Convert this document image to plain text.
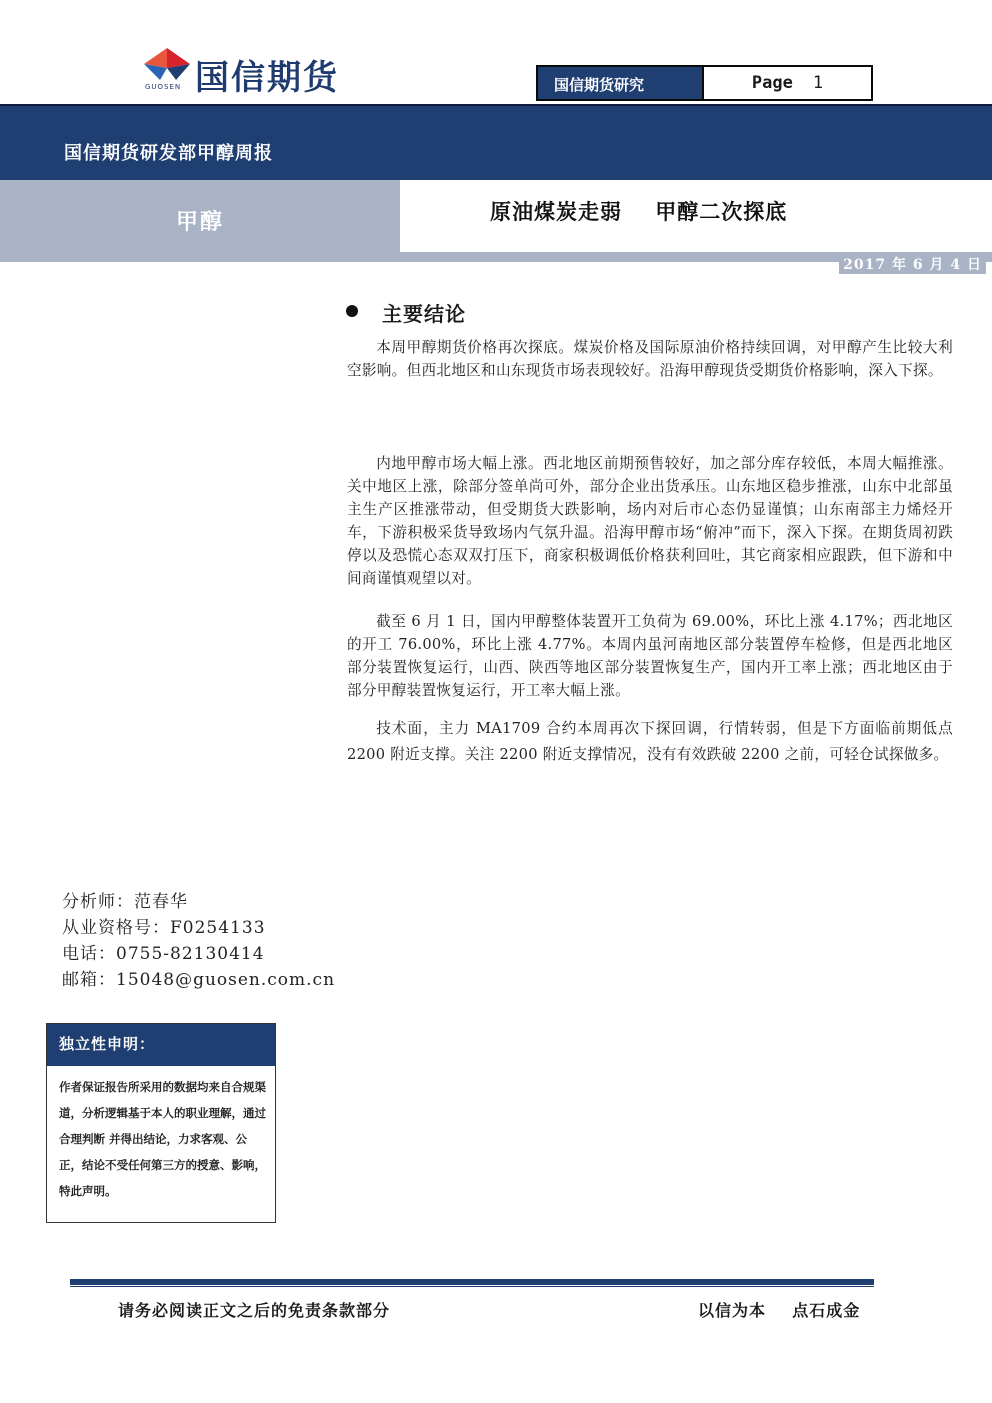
国信期货
GUOSEN	国信期货研究	Page 1
国信期货研发部甲醇周报
甲醇	原油煤炭走弱    甲醇二次探底
2017 年 6 月 4 日
主要结论
本周甲醇期货价格再次探底。煤炭价格及国际原油价格持续回调，对甲醇产生比较大利空影响。但西北地区和山东现货市场表现较好。沿海甲醇现货受期货价格影响，深入下探。
内地甲醇市场大幅上涨。西北地区前期预售较好，加之部分库存较低，本周大幅推涨。关中地区上涨，除部分签单尚可外，部分企业出货承压。山东地区稳步推涨，山东中北部虽主生产区推涨带动，但受期货大跌影响，场内对后市心态仍显谨慎；山东南部主力烯烃开车，下游积极采货导致场内气氛升温。沿海甲醇市场“俯冲”而下，深入下探。在期货周初跌停以及恐慌心态双双打压下，商家积极调低价格获利回吐，其它商家相应跟跌，但下游和中间商谨慎观望以对。
截至 6 月 1 日，国内甲醇整体装置开工负荷为 69.00%，环比上涨 4.17%；西北地区的开工 76.00%，环比上涨 4.77%。本周内虽河南地区部分装置停车检修，但是西北地区部分装置恢复运行，山西、陕西等地区部分装置恢复生产，国内开工率上涨；西北地区由于部分甲醇装置恢复运行，开工率大幅上涨。
技术面，主力 MA1709 合约本周再次下探回调，行情转弱，但是下方面临前期低点 2200 附近支撑。关注 2200 附近支撑情况，没有有效跌破 2200 之前，可轻仓试探做多。
分析师：范春华
从业资格号：F0254133
电话：0755-82130414
邮箱：15048@guosen.com.cn
独立性申明：
作者保证报告所采用的数据均来自合规渠道，分析逻辑基于本人的职业理解，通过合理判断 并得出结论，力求客观、公正，结论不受任何第三方的授意、影响，特此声明。
请务必阅读正文之后的免责条款部分	以信为本    点石成金
